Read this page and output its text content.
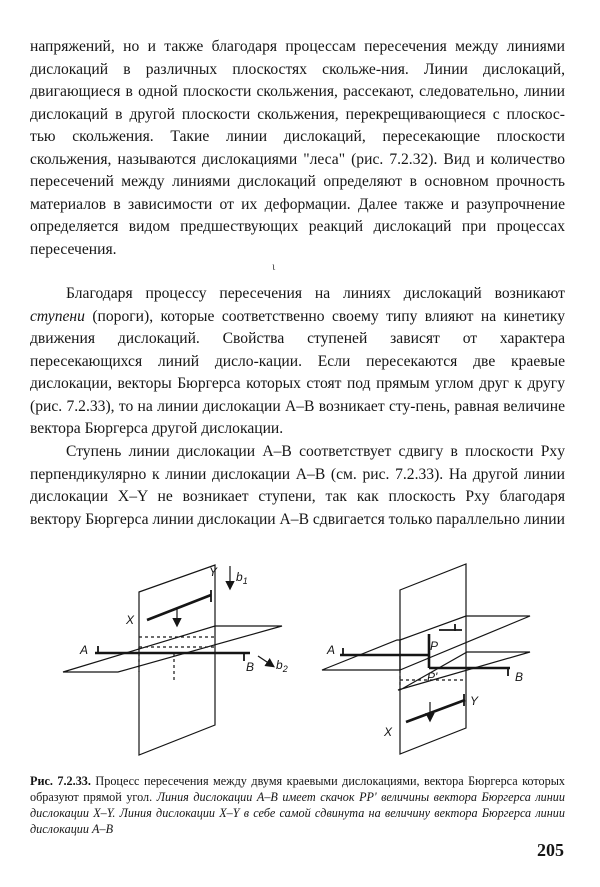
напряжений, но и также благодаря процессам пересечения между линиями дислокаций в различных плоскостях скольже-ния. Линии дислокаций, двигающиеся в одной плоскости скольжения, рассекают, следовательно, линии дислокаций в другой плоскости скольжения, перекрещивающиеся с плоскос-тью скольжения. Такие линии дислокаций, пересекающие плоскости скольжения, называются дислокациями "леса" (рис. 7.2.32). Вид и количество пересечений между линиями дислокаций определяют в основном прочность материалов в зависимости от их деформации. Далее также и разупрочнение определяется видом предшествующих реакций дислокаций при процессах пересечения.

ι

Благодаря процессу пересечения на линиях дислокаций возникают ступени (пороги), которые соответственно своему типу влияют на кинетику движения дислокаций. Свойства ступеней зависят от характера пересекающихся линий дисло-кации. Если пересекаются две краевые дислокации, векторы Бюргерса которых стоят под прямым углом друг к другу (рис. 7.2.33), то на линии дислокации A–B возникает сту-пень, равная величине вектора Бюргерса другой дислокации.

Ступень линии дислокации A–B соответствует сдвигу в плоскости Pxy перпендикулярно к линии дислокации A–B (см. рис. 7.2.33). На другой линии дислокации X–Y не возникает ступени, так как плоскость Pxy благодаря вектору Бюргерса линии дислокации A–B сдвигается только параллельно линии

Y $b_1$
X
A
B $b_2$
A	P
P'	B
Y
X

Рис. 7.2.33. Процесс пересечения между двумя краевыми дислокациями, вектора Бюргерса которых образуют прямой угол. Линия дислокации A–B имеет скачок PP' величины вектора Бюргерса линии дислокации X–Y. Линия дислокации X–Y в себе самой сдвинута на величину вектора Бюргерса линии дислокации A–B

205
